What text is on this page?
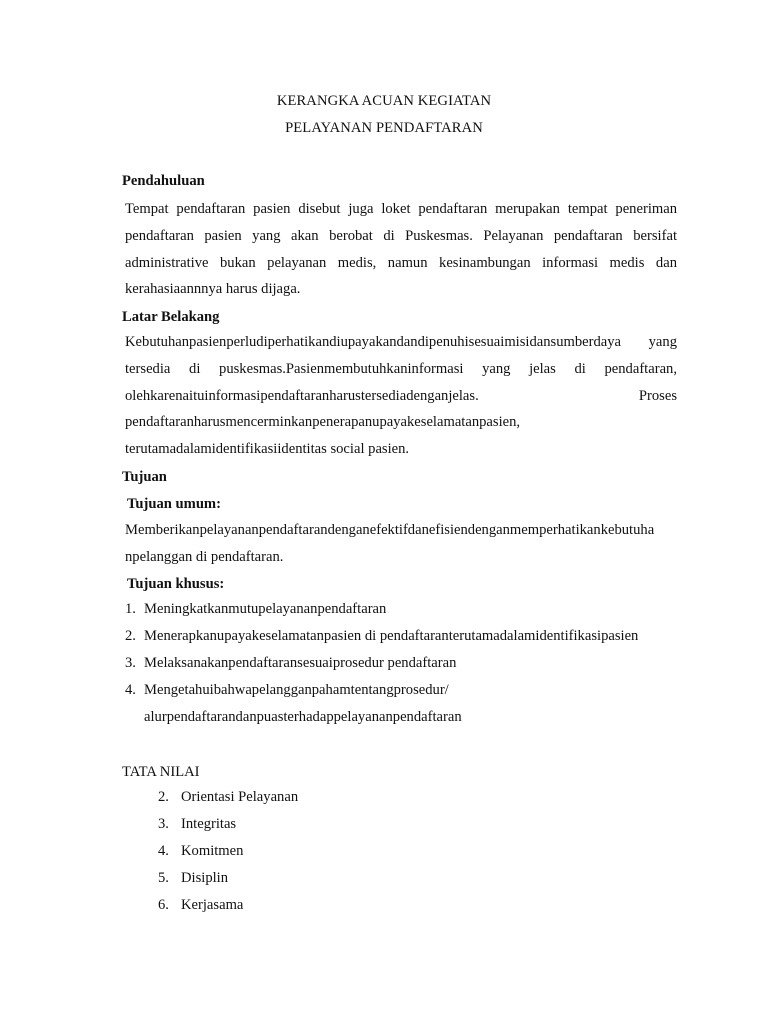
KERANGKA ACUAN KEGIATAN
PELAYANAN PENDAFTARAN
Pendahuluan
Tempat pendaftaran pasien disebut juga loket pendaftaran merupakan tempat peneriman
pendaftaran pasien yang akan berobat di Puskesmas. Pelayanan pendaftaran bersifat
administrative bukan pelayanan medis, namun kesinambungan informasi medis dan
kerahasiaannnya harus dijaga.
Latar Belakang
Kebutuhanpasienperludiperhatikandiupayakandandipenuhisesuaimisidansumberdaya yang
tersedia di puskesmas.Pasienmembutuhkaninformasi yang jelas di pendaftaran,
olehkarenaituinformasipendaftaranharustersediadenganjelas. Proses
pendaftaranharusmencerminkanpenerapanupayakeselamatanpasien,
terutamadalamidentifikasiidentitas social pasien.
Tujuan
Tujuan umum:
Memberikanpelayananpendaftarandenganefektifdanefisiendenganmemperhatikankebutuha
npelanggan di pendaftaran.
Tujuan khusus:
1. Meningkatkanmutupelayananpendaftaran
2. Menerapkanupayakeselamatanpasien di pendaftaranterutamadalamidentifikasipasien
3. Melaksanakanpendaftaransesuaiprosedur pendaftaran
4. Mengetahuibahwapelangganpahamtentangprosedur/
alurpendaftarandanpuasterhadappelayananpendaftaran
TATA NILAI
2. Orientasi Pelayanan
3. Integritas
4. Komitmen
5. Disiplin
6. Kerjasama
